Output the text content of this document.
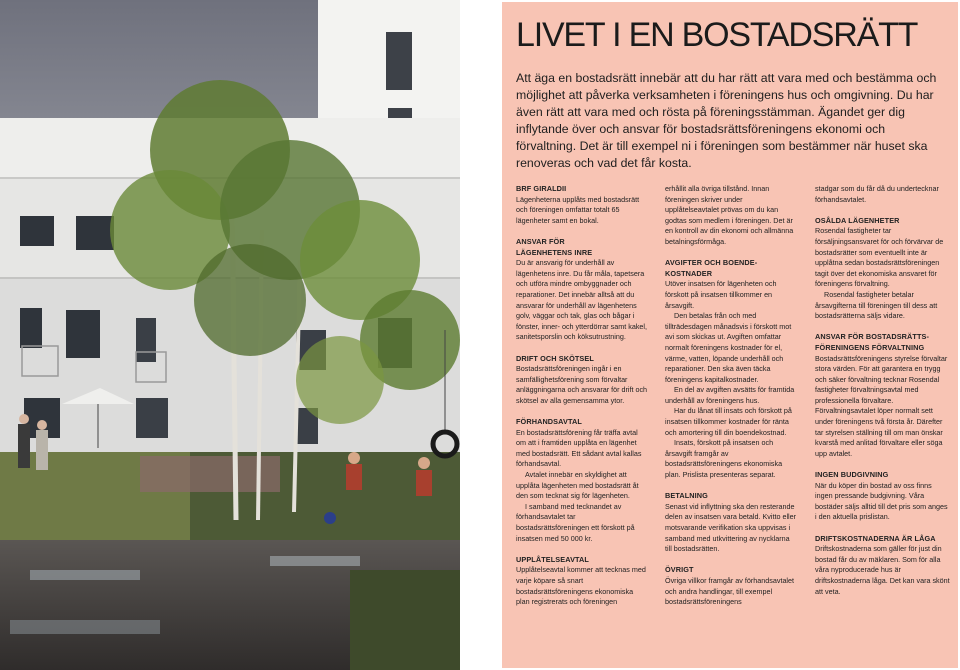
LIVET I EN BOSTADSRÄTT

Att äga en bostadsrätt innebär att du har rätt att vara med och bestämma och möjlighet att påverka verksamheten i föreningens hus och omgivning. Du har även rätt att vara med och rösta på föreningsstämman. Ägandet ger dig inflytande över och ansvar för bostadsrättsföreningens ekonomi och förvaltning. Det är till exempel ni i föreningen som bestämmer när huset ska renoveras och vad det får kosta.

BRF GIRALDII

Lägenheterna upplåts med bostadsrätt och föreningen omfattar totalt 65 lägenheter samt en bokal.

ANSVAR FÖR
LÄGENHETENS INRE

Du är ansvarig för underhåll av lägenhetens inre. Du får måla, tapetsera och utföra mindre ombyggnader och reparationer. Det innebär alltså att du ansvarar för underhåll av lägenhetens golv, väggar och tak, glas och bågar i fönster, inner- och ytterdörrar samt kakel, sanitetsporslin och köksutrustning.

DRIFT OCH SKÖTSEL

Bostadsrättsföreningen ingår i en samfällighetsförening som förvaltar anläggningarna och ansvarar för drift och skötsel av alla gemensamma ytor.

FÖRHANDSAVTAL

En bostadsrättsförening får träffa avtal om att i framtiden upplåta en lägenhet med bostadsrätt. Ett sådant avtal kallas förhandsavtal.

Avtalet innebär en skyldighet att upplåta lägenheten med bostadsrätt åt den som tecknat sig för lägenheten.

I samband med tecknandet av förhandsavtalet tar bostadsrättsföreningen ett förskott på insatsen med 50 000 kr.

UPPLÅTELSEAVTAL

Upplåtelseavtal kommer att tecknas med varje köpare så snart bostadsrättsföreningens ekonomiska plan registrerats och föreningen

erhållit alla övriga tillstånd. Innan föreningen skriver under upplåtelseavtalet prövas om du kan godtas som medlem i föreningen. Det är en kontroll av din ekonomi och allmänna betalningsförmåga.

AVGIFTER OCH BOENDE-
KOSTNADER

Utöver insatsen för lägenheten och förskott på insatsen tillkommer en årsavgift.

Den betalas från och med tillträdesdagen månadsvis i förskott mot avi som skickas ut. Avgiften omfattar normalt föreningens kostnader för el, värme, vatten, löpande underhåll och reparationer. Den ska även täcka föreningens kapitalkostnader.

En del av avgiften avsätts för framtida underhåll av föreningens hus.

Har du lånat till insats och förskott på insatsen tillkommer kostnader för ränta och amortering till din boendekostnad.

Insats, förskott på insatsen och årsavgift framgår av bostadsrättsföreningens ekonomiska plan. Prislista presenteras separat.

BETALNING

Senast vid inflyttning ska den resterande delen av insatsen vara betald. Kvitto eller motsvarande verifikation ska uppvisas i samband med utkvittering av nycklarna till bostadsrätten.

ÖVRIGT

Övriga villkor framgår av förhandsavtalet och andra handlingar, till exempel bostadsrättsföreningens

stadgar som du får då du undertecknar förhandsavtalet.

OSÅLDA LÄGENHETER

Rosendal fastigheter tar försäljningsansvaret för och förvärvar de bostadsrätter som eventuellt inte är upplåtna sedan bostadsrättsföreningen tagit över det ekonomiska ansvaret för föreningens förvaltning.

Rosendal fastigheter betalar årsavgifterna till föreningen till dess att bostadsrätterna säljs vidare.

ANSVAR FÖR BOSTADSRÄTTS-
FÖRENINGENS FÖRVALTNING

Bostadsrättsföreningens styrelse förvaltar stora värden. För att garantera en trygg och säker förvaltning tecknar Rosendal fastigheter förvaltningsavtal med professionella förvaltare. Förvaltningsavtalet löper normalt sett under föreningens två första år. Därefter tar styrelsen ställning till om man önskar kvarstå med anlitad förvaltare eller söga upp avtalet.

INGEN BUDGIVNING

När du köper din bostad av oss finns ingen pressande budgivning. Våra bostäder säljs alltid till det pris som anges i den aktuella prislistan.

DRIFTSKOSTNADERNA ÄR LÅGA

Driftskostnaderna som gäller för just din bostad får du av mäklaren. Som för alla våra nyproducerade hus är driftskostnaderna låga. Det kan vara skönt att veta.
